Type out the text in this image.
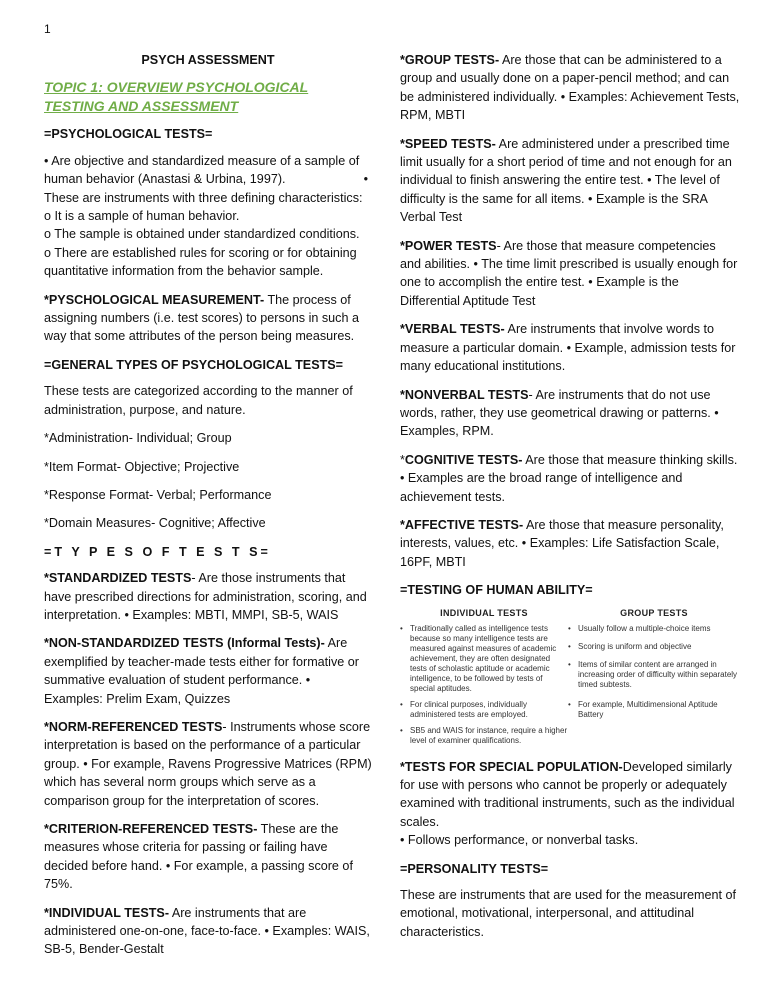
1

PSYCH ASSESSMENT

TOPIC 1: OVERVIEW PSYCHOLOGICAL TESTING AND ASSESSMENT

=PSYCHOLOGICAL TESTS=

• Are objective and standardized measure of a sample of human behavior (Anastasi & Urbina, 1997).	•

These are instruments with three defining characteristics:

o It is a sample of human behavior.

o The sample is obtained under standardized conditions.

o There are established rules for scoring or for obtaining quantitative information from the behavior sample.

*PYSCHOLOGICAL MEASUREMENT- The process of assigning numbers (i.e. test scores) to persons in such a way that some attributes of the person being measures.

=GENERAL TYPES OF PSYCHOLOGICAL TESTS=

These tests are categorized according to the manner of administration, purpose, and nature.

*Administration- Individual; Group

*Item Format- Objective; Projective

*Response Format- Verbal; Performance

*Domain Measures- Cognitive; Affective

=T Y P E S O F T E S T S=

*STANDARDIZED TESTS- Are those instruments that have prescribed directions for administration, scoring, and interpretation. • Examples: MBTI, MMPI, SB-5, WAIS

*NON-STANDARDIZED TESTS (Informal Tests)- Are exemplified by teacher-made tests either for formative or summative evaluation of student performance. • Examples: Prelim Exam, Quizzes

*NORM-REFERENCED TESTS- Instruments whose score interpretation is based on the performance of a particular group. • For example, Ravens Progressive Matrices (RPM) which has several norm groups which serve as a comparison group for the interpretation of scores.

*CRITERION-REFERENCED TESTS- These are the measures whose criteria for passing or failing have decided before hand. • For example, a passing score of 75%.

*INDIVIDUAL TESTS- Are instruments that are administered one-on-one, face-to-face. • Examples: WAIS, SB-5, Bender-Gestalt

*GROUP TESTS- Are those that can be administered to a group and usually done on a paper-pencil method; and can be administered individually. • Examples: Achievement Tests, RPM, MBTI

*SPEED TESTS- Are administered under a prescribed time limit usually for a short period of time and not enough for an individual to finish answering the entire test. • The level of difficulty is the same for all items. • Example is the SRA Verbal Test

*POWER TESTS- Are those that measure competencies and abilities. • The time limit prescribed is usually enough for one to accomplish the entire test. • Example is the Differential Aptitude Test

*VERBAL TESTS- Are instruments that involve words to measure a particular domain. • Example, admission tests for many educational institutions.

*NONVERBAL TESTS- Are instruments that do not use words, rather, they use geometrical drawing or patterns. • Examples, RPM.

*COGNITIVE TESTS- Are those that measure thinking skills.
• Examples are the broad range of intelligence and achievement tests.

*AFFECTIVE TESTS- Are those that measure personality, interests, values, etc. • Examples: Life Satisfaction Scale, 16PF, MBTI

=TESTING OF HUMAN ABILITY=

INDIVIDUAL TESTS	GROUP TESTS
• Traditionally called as intelligence tests because so many intelligence tests are measured against measures of academic achievement, they are often designated tests of scholastic aptitude or academic intelligence, to be followed by tests of special aptitudes.
• Usually follow a multiple-choice items
• Scoring is uniform and objective
• Items of similar content are arranged in increasing order of difficulty within separately timed subtests.
• For clinical purposes, individually administered tests are employed.
• For example, Multidimensional Aptitude Battery
• SB5 and WAIS for instance, require a higher level of examiner qualifications.

*TESTS FOR SPECIAL POPULATION-Developed similarly for use with persons who cannot be properly or adequately examined with traditional instruments, such as the individual scales.
• Follows performance, or nonverbal tasks.

=PERSONALITY TESTS=

These are instruments that are used for the measurement of emotional, motivational, interpersonal, and attitudinal characteristics.
